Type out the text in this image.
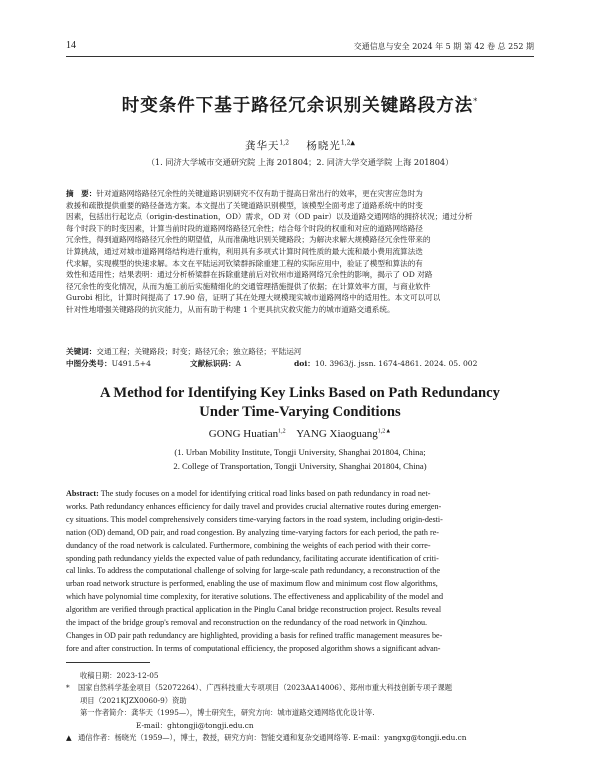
14	交通信息与安全 2024 年 5 期 第 42 卷 总 252 期
时变条件下基于路径冗余识别关键路段方法*
龚华天$^{1,2}$ 杨晓光$^{1,2▲}$
（1. 同济大学城市交通研究院 上海 201804；2. 同济大学交通学院 上海 201804）

摘　要：针对道路网络路径冗余性的关键道路识别研究不仅有助于提高日常出行的效率，更在灾害应急时为

救援和疏散提供重要的路径备选方案。本文提出了关键道路识别模型，该模型全面考虑了道路系统中的时变

因素，包括出行起讫点（origin-destination，OD）需求，OD 对（OD pair）以及道路交通网络的拥挤状况；通过分析

每个时段下的时变因素，计算当前时段的道路网络路径冗余性；结合每个时段的权重和对应的道路网络路径

冗余性，得到道路网络路径冗余性的期望值，从而准确地识别关键路段；为解决求解大规模路径冗余性带来的

计算挑战，通过对城市道路网络结构进行重构，利用具有多项式计算时间性质的最大流和最小费用流算法迭

代求解，实现模型的快速求解。本文在平陆运河钦梁群拆除重建工程的实际应用中，验证了模型和算法的有

效性和适用性；结果表明：通过分析桥梁群在拆除重建前后对钦州市道路网络冗余性的影响，揭示了 OD 对路

径冗余性的变化情况，从而为施工前后实施精细化的交通管理措施提供了依据；在计算效率方面，与商业软件

Gurobi 相比，计算时间提高了 17.90 倍，证明了其在处理大规模现实城市道路网络中的适用性。本文可以可以

针对性地增强关键路段的抗灾能力，从而有助于构建 1 个更具抗灾救灾能力的城市道路交通系统。

关键词：交通工程；关键路段；时变；路径冗余；独立路径；平陆运河
中图分类号：U491.5+4	文献标识码：A	doi：10. 3963/j. jssn. 1674-4861. 2024. 05. 002
A Method for Identifying Key Links Based on Path Redundancy
Under Time-Varying Conditions
GONG Huatian$^{1,2}$ YANG Xiaoguang$^{1,2▲}$
(1. Urban Mobility Institute, Tongji University, Shanghai 201804, China;
2. College of Transportation, Tongji University, Shanghai 201804, China)
Abstract: The study focuses on a model for identifying critical road links based on path redundancy in road net-
works. Path redundancy enhances efficiency for daily travel and provides crucial alternative routes during emergen-
cy situations. This model comprehensively considers time-varying factors in the road system, including origin-desti-
nation (OD) demand, OD pair, and road congestion. By analyzing time-varying factors for each period, the path re-
dundancy of the road network is calculated. Furthermore, combining the weights of each period with their corre-
sponding path redundancy yields the expected value of path redundancy, facilitating accurate identification of criti-
cal links. To address the computational challenge of solving for large-scale path redundancy, a reconstruction of the
urban road network structure is performed, enabling the use of maximum flow and minimum cost flow algorithms,
which have polynomial time complexity, for iterative solutions. The effectiveness and applicability of the model and
algorithm are verified through practical application in the Pinglu Canal bridge reconstruction project. Results reveal
the impact of the bridge group's removal and reconstruction on the redundancy of the road network in Qinzhou.
Changes in OD pair path redundancy are highlighted, providing a basis for refined traffic management measures be-
fore and after construction. In terms of computational efficiency, the proposed algorithm shows a significant advan-

收稿日期：2023-12-05

* 国家自然科学基金项目（52072264）、广西科技重大专项项目（2023AA14006）、郑州市重大科技创新专项子课题

项目（2021KJZX0060-9）资助

第一作者简介：龚华天（1995—），博士研究生，研究方向：城市道路交通网络优化设计等.

E-mail：ghtongji@tongji.edu.cn

▲ 通信作者：杨晓光（1959—），博士，教授，研究方向：智能交通和复杂交通网络等. E-mail：yangxg@tongji.edu.cn
